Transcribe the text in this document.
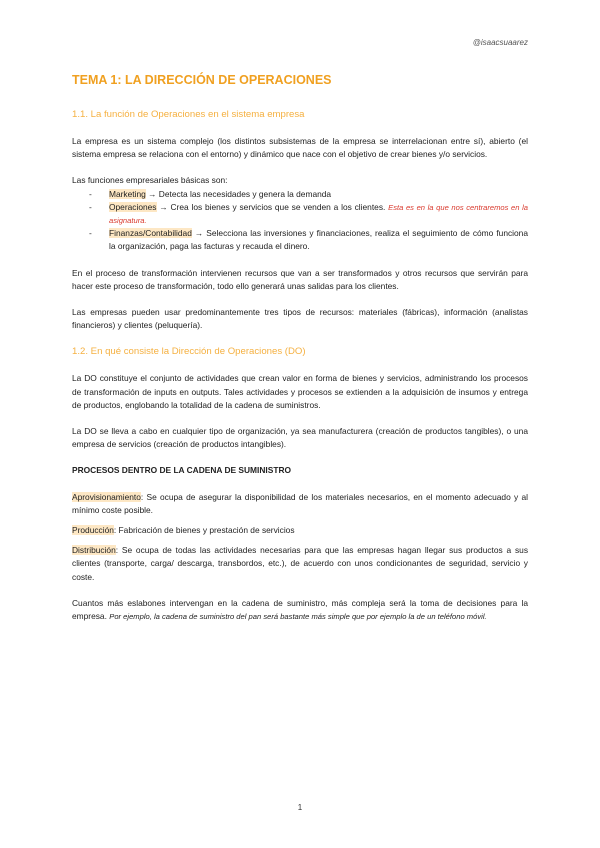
@isaacsuaarez
TEMA 1: LA DIRECCIÓN DE OPERACIONES
1.1. La función de Operaciones en el sistema empresa

La empresa es un sistema complejo (los distintos subsistemas de la empresa se interrelacionan entre sí), abierto (el sistema empresa se relaciona con el entorno) y dinámico que nace con el objetivo de crear bienes y/o servicios.

Las funciones empresariales básicas son:

- Marketing → Detecta las necesidades y genera la demanda
- Operaciones → Crea los bienes y servicios que se venden a los clientes. Esta es en la que nos centraremos en la asignatura.
- Finanzas/Contabilidad → Selecciona las inversiones y financiaciones, realiza el seguimiento de cómo funciona la organización, paga las facturas y recauda el dinero.

En el proceso de transformación intervienen recursos que van a ser transformados y otros recursos que servirán para hacer este proceso de transformación, todo ello generará unas salidas para los clientes.

Las empresas pueden usar predominantemente tres tipos de recursos: materiales (fábricas), información (analistas financieros) y clientes (peluquería).

1.2. En qué consiste la Dirección de Operaciones (DO)

La DO constituye el conjunto de actividades que crean valor en forma de bienes y servicios, administrando los procesos de transformación de inputs en outputs. Tales actividades y procesos se extienden a la adquisición de insumos y entrega de productos, englobando la totalidad de la cadena de suministros.

La DO se lleva a cabo en cualquier tipo de organización, ya sea manufacturera (creación de productos tangibles), o una empresa de servicios (creación de productos intangibles).

PROCESOS DENTRO DE LA CADENA DE SUMINISTRO

Aprovisionamiento: Se ocupa de asegurar la disponibilidad de los materiales necesarios, en el momento adecuado y al mínimo coste posible.

Producción: Fabricación de bienes y prestación de servicios

Distribución: Se ocupa de todas las actividades necesarias para que las empresas hagan llegar sus productos a sus clientes (transporte, carga/ descarga, transbordos, etc.), de acuerdo con unos condicionantes de seguridad, servicio y coste.

Cuantos más eslabones intervengan en la cadena de suministro, más compleja será la toma de decisiones para la empresa. Por ejemplo, la cadena de suministro del pan será bastante más simple que por ejemplo la de un teléfono móvil.

1
